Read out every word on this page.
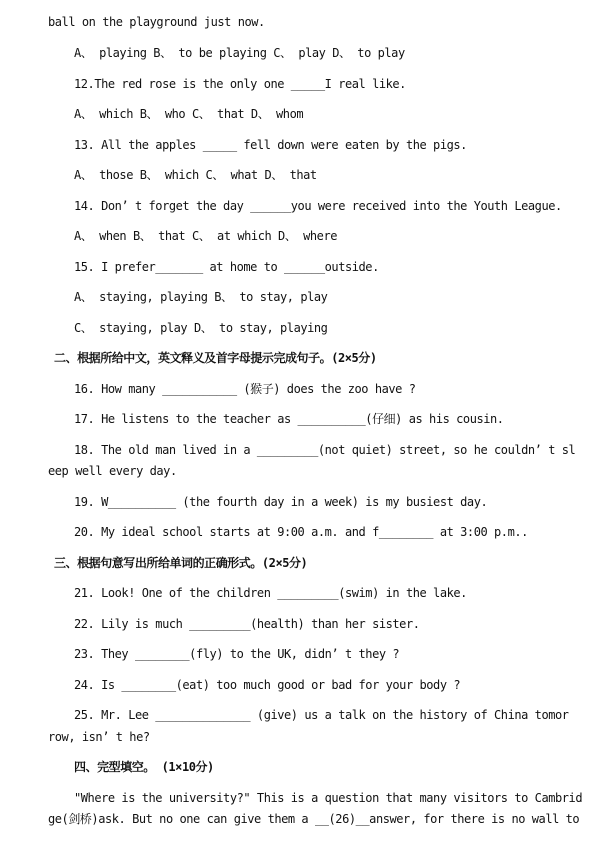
ball on the playground just now.
A、 playing B、 to be playing C、 play D、 to play
12.The red rose is the only one _____I real like.
A、 which B、 who C、 that D、 whom
13. All the apples _____ fell down were eaten by the pigs.
A、 those B、 which C、 what D、 that
14. Don’ t forget the day ______you were received into the Youth League.
A、 when B、 that C、 at which D、 where
15. I prefer_______ at home to ______outside.
A、 staying, playing B、 to stay, play
C、 staying, play D、 to stay, playing
二、根据所给中文，英文释义及首字母提示完成句子。(2×5分)
16. How many ___________ (猴子) does the zoo have ?
17. He listens to the teacher as __________(仔细) as his cousin.
18. The old man lived in a _________(not quiet) street, so he couldn’ t sl
eep well every day.
19. W__________ (the fourth day in a week) is my busiest day.
20. My ideal school starts at 9:00 a.m. and f________ at 3:00 p.m..
三、根据句意写出所给单词的正确形式。(2×5分)
21. Look! One of the children _________(swim) in the lake.
22. Lily is much _________(health) than her sister.
23. They ________(fly) to the UK, didn’ t they ?
24. Is ________(eat) too much good or bad for your body ?
25. Mr. Lee ______________ (give) us a talk on the history of China tomor
row, isn’ t he?
四、完型填空。 (1×10分)
"Where is the university?" This is a question that many visitors to Cambrid
ge(剑桥)ask. But no one can give them a __(26)__answer, for there is no wall to
